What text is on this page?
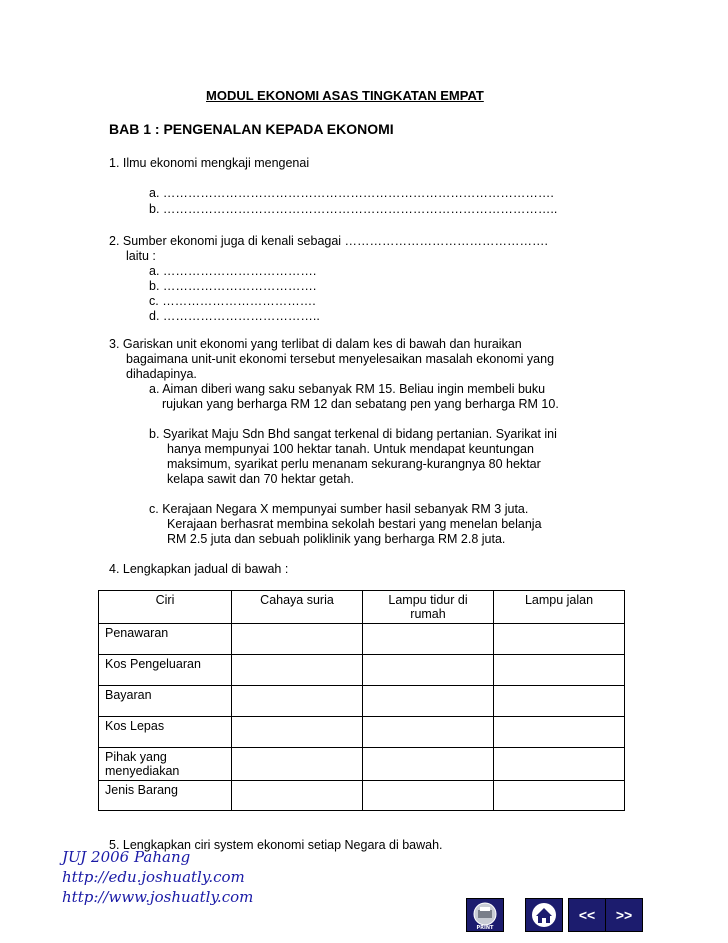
MODUL EKONOMI ASAS TINGKATAN EMPAT
BAB 1 : PENGENALAN KEPADA EKONOMI
1. Ilmu ekonomi mengkaji mengenai
a. ………………………………………………………………………………….
b. …………………………………………………………………………………..
2. Sumber ekonomi juga di kenali sebagai ………………………………………….
laitu :
a. ……………………………….
b. ……………………………….
c. ……………………………….
d. ………………………………..
3. Gariskan unit ekonomi yang terlibat di dalam kes di bawah dan huraikan
bagaimana unit-unit ekonomi tersebut menyelesaikan masalah ekonomi yang
dihadapinya.
a. Aiman diberi wang saku sebanyak RM 15. Beliau ingin membeli buku
rujukan yang berharga RM 12 dan sebatang pen yang berharga RM 10.
b. Syarikat Maju Sdn Bhd sangat terkenal di bidang pertanian. Syarikat ini
hanya mempunyai 100 hektar tanah. Untuk mendapat keuntungan
maksimum, syarikat perlu menanam sekurang-kurangnya 80 hektar
kelapa sawit dan 70 hektar getah.
c. Kerajaan Negara X mempunyai sumber hasil sebanyak RM 3 juta.
Kerajaan berhasrat membina sekolah bestari yang menelan belanja
RM 2.5 juta dan sebuah poliklinik yang berharga RM 2.8 juta.
4. Lengkapkan jadual di bawah :
Ciri	Cahaya suria	Lampu tidur di rumah	Lampu jalan
Penawaran			
Kos Pengeluaran			
Bayaran			
Kos Lepas			

Pihak yang menyediakan			

Jenis Barang			
5. Lengkapkan ciri system ekonomi setiap Negara di bawah.
JUJ 2006 Pahang
http://edu.joshuatly.com
http://www.joshuatly.com
PRINT
<<	>>
